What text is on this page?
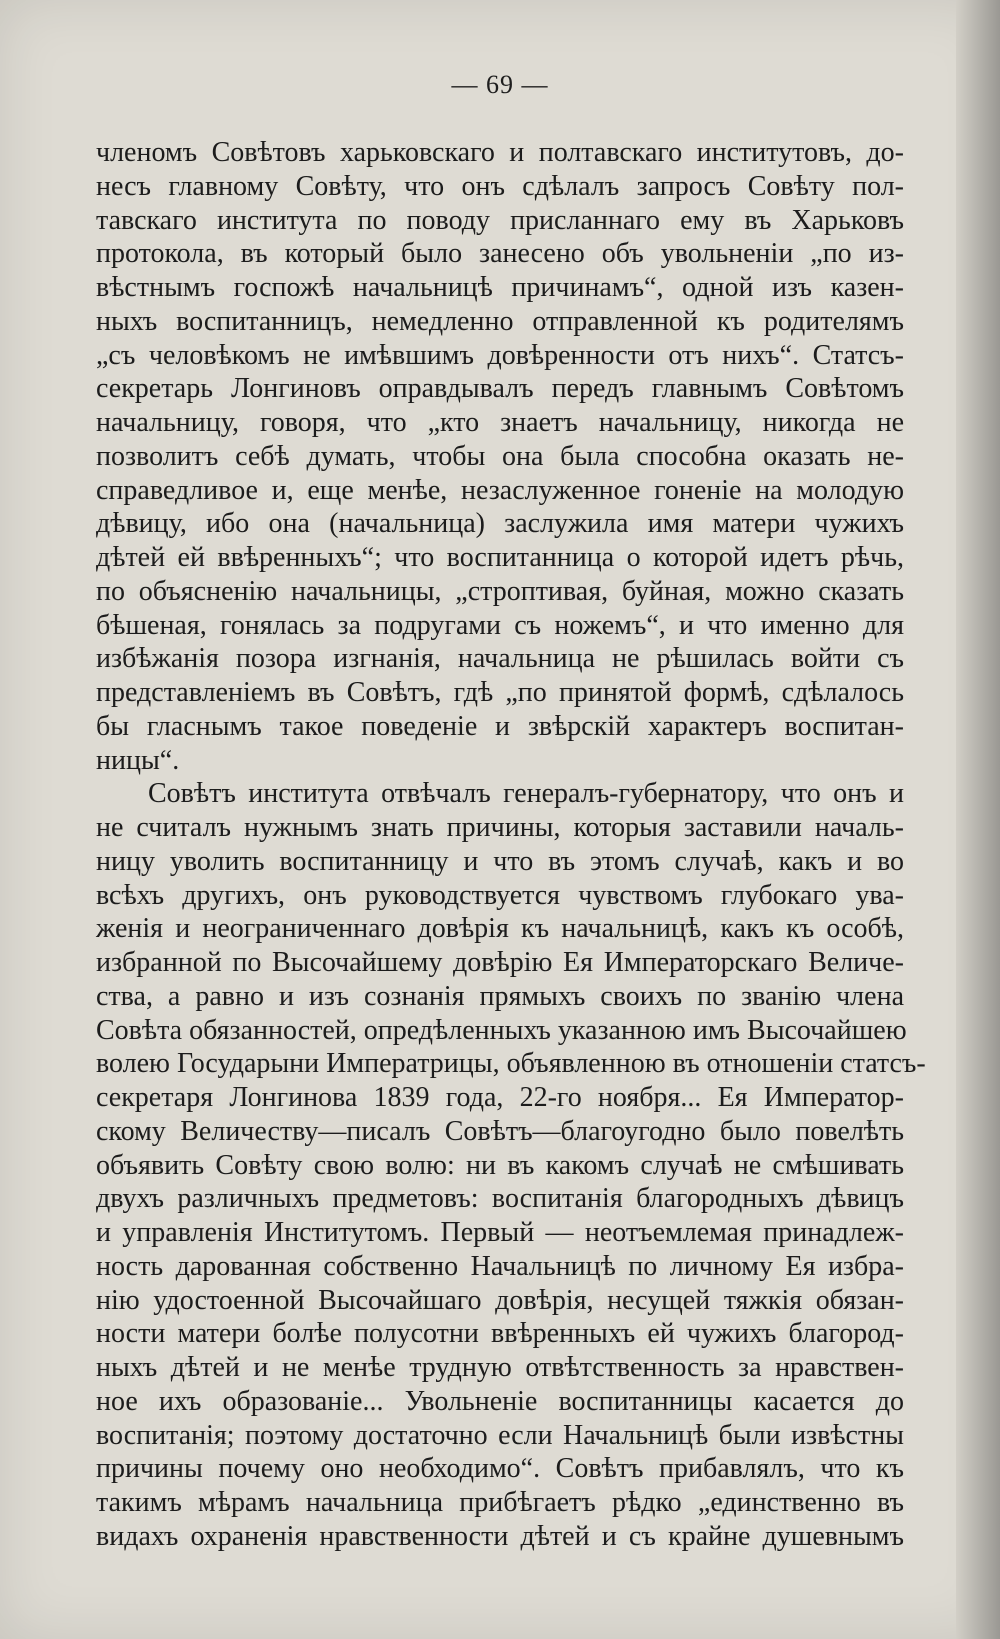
— 69 —
членомъ Совѣтовъ харьковскаго и полтавскаго институтовъ, до-
несъ главному Совѣту, что онъ сдѣлалъ запросъ Совѣту пол-
тавскаго института по поводу присланнаго ему въ Харьковъ
протокола, въ который было занесено объ увольненіи „по из-
вѣстнымъ госпожѣ начальницѣ причинамъ“, одной изъ казен-
ныхъ воспитанницъ, немедленно отправленной къ родителямъ
„съ человѣкомъ не имѣвшимъ довѣренности отъ нихъ“. Статсъ-
секретарь Лонгиновъ оправдывалъ передъ главнымъ Совѣтомъ
начальницу, говоря, что „кто знаетъ начальницу, никогда не
позволитъ себѣ думать, чтобы она была способна оказать не-
справедливое и, еще менѣе, незаслуженное гоненіе на молодую
дѣвицу, ибо она (начальница) заслужила имя матери чужихъ
дѣтей ей ввѣренныхъ“; что воспитанница о которой идетъ рѣчь,
по объясненію начальницы, „строптивая, буйная, можно сказать
бѣшеная, гонялась за подругами съ ножемъ“, и что именно для
избѣжанія позора изгнанія, начальница не рѣшилась войти съ
представленіемъ въ Совѣтъ, гдѣ „по принятой формѣ, сдѣлалось
бы гласнымъ такое поведеніе и звѣрскій характеръ воспитан-
ницы“.
Совѣтъ института отвѣчалъ генералъ-губернатору, что онъ и
не считалъ нужнымъ знать причины, которыя заставили началь-
ницу уволить воспитанницу и что въ этомъ случаѣ, какъ и во
всѣхъ другихъ, онъ руководствуется чувствомъ глубокаго ува-
женія и неограниченнаго довѣрія къ начальницѣ, какъ къ особѣ,
избранной по Высочайшему довѣрію Ея Императорскаго Величе-
ства, а равно и изъ сознанія прямыхъ своихъ по званію члена
Совѣта обязанностей, опредѣленныхъ указанною имъ Высочайшею
волею Государыни Императрицы, объявленною въ отношеніи статсъ-
секретаря Лонгинова 1839 года, 22-го ноября... Ея Император-
скому Величеству—писалъ Совѣтъ—благоугодно было повелѣть
объявить Совѣту свою волю: ни въ какомъ случаѣ не смѣшивать
двухъ различныхъ предметовъ: воспитанія благородныхъ дѣвицъ
и управленія Институтомъ. Первый — неотъемлемая принадлеж-
ность дарованная собственно Начальницѣ по личному Ея избра-
нію удостоенной Высочайшаго довѣрія, несущей тяжкія обязан-
ности матери болѣе полусотни ввѣренныхъ ей чужихъ благород-
ныхъ дѣтей и не менѣе трудную отвѣтственность за нравствен-
ное ихъ образованіе... Увольненіе воспитанницы касается до
воспитанія; поэтому достаточно если Начальницѣ были извѣстны
причины почему оно необходимо“. Совѣтъ прибавлялъ, что къ
такимъ мѣрамъ начальница прибѣгаетъ рѣдко „единственно въ
видахъ охраненія нравственности дѣтей и съ крайне душевнымъ
